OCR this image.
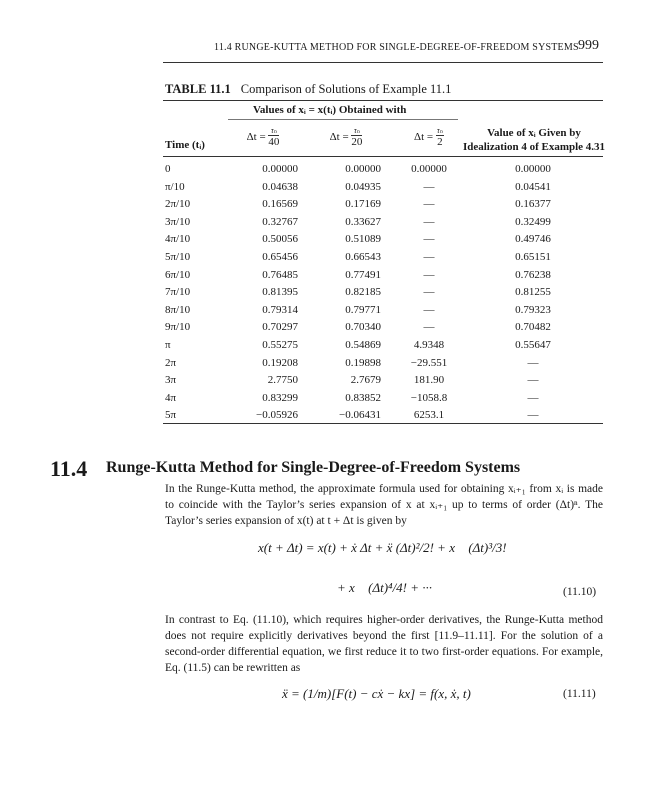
11.4 RUNGE-KUTTA METHOD FOR SINGLE-DEGREE-OF-FREEDOM SYSTEMS 999
TABLE 11.1 Comparison of Solutions of Example 11.1
Values of xᵢ = x(tᵢ) Obtained with
Time (tᵢ)
$\Delta t = \frac{\text{τₙ}}{40}$	$\Delta t = \frac{\text{τₙ}}{20}$	$\Delta t = \frac{\text{τₙ}}{2}$	Value of xᵢ Given by
Idealization 4 of Example 4.31
0	0.00000	0.00000	0.00000	0.00000
π/10	0.04638	0.04935	—	0.04541
2π/10	0.16569	0.17169	—	0.16377
3π/10	0.32767	0.33627	—	0.32499
4π/10	0.50056	0.51089	—	0.49746
5π/10	0.65456	0.66543	—	0.65151
6π/10	0.76485	0.77491	—	0.76238
7π/10	0.81395	0.82185	—	0.81255
8π/10	0.79314	0.79771	—	0.79323
9π/10	0.70297	0.70340	—	0.70482
π	0.55275	0.54869	4.9348	0.55647
2π	0.19208	0.19898	−29.551	—
3π	2.7750	2.7679	181.90	—
4π	0.83299	0.83852	−1058.8	—
5π	−0.05926	−0.06431	6253.1	—
11.4 Runge-Kutta Method for Single-Degree-of-Freedom Systems
In the Runge-Kutta method, the approximate formula used for obtaining xᵢ₊₁ from xᵢ is made to coincide with the Taylor’s series expansion of x at xᵢ₊₁ up to terms of order (Δt)ⁿ. The Taylor’s series expansion of x(t) at t + Δt is given by
x(t + Δt) = x(t) + ẋ Δt + ẍ (Δt)²/2! + x⃛ (Δt)³/3!
+ x⃜ (Δt)⁴/4! + ···	(11.10)
In contrast to Eq. (11.10), which requires higher-order derivatives, the Runge-Kutta method does not require explicitly derivatives beyond the first [11.9–11.11]. For the solution of a second-order differential equation, we first reduce it to two first-order equations. For example, Eq. (11.5) can be rewritten as
ẍ = (1/m)[F(t) − cẋ − kx] = f(x, ẋ, t)	(11.11)
